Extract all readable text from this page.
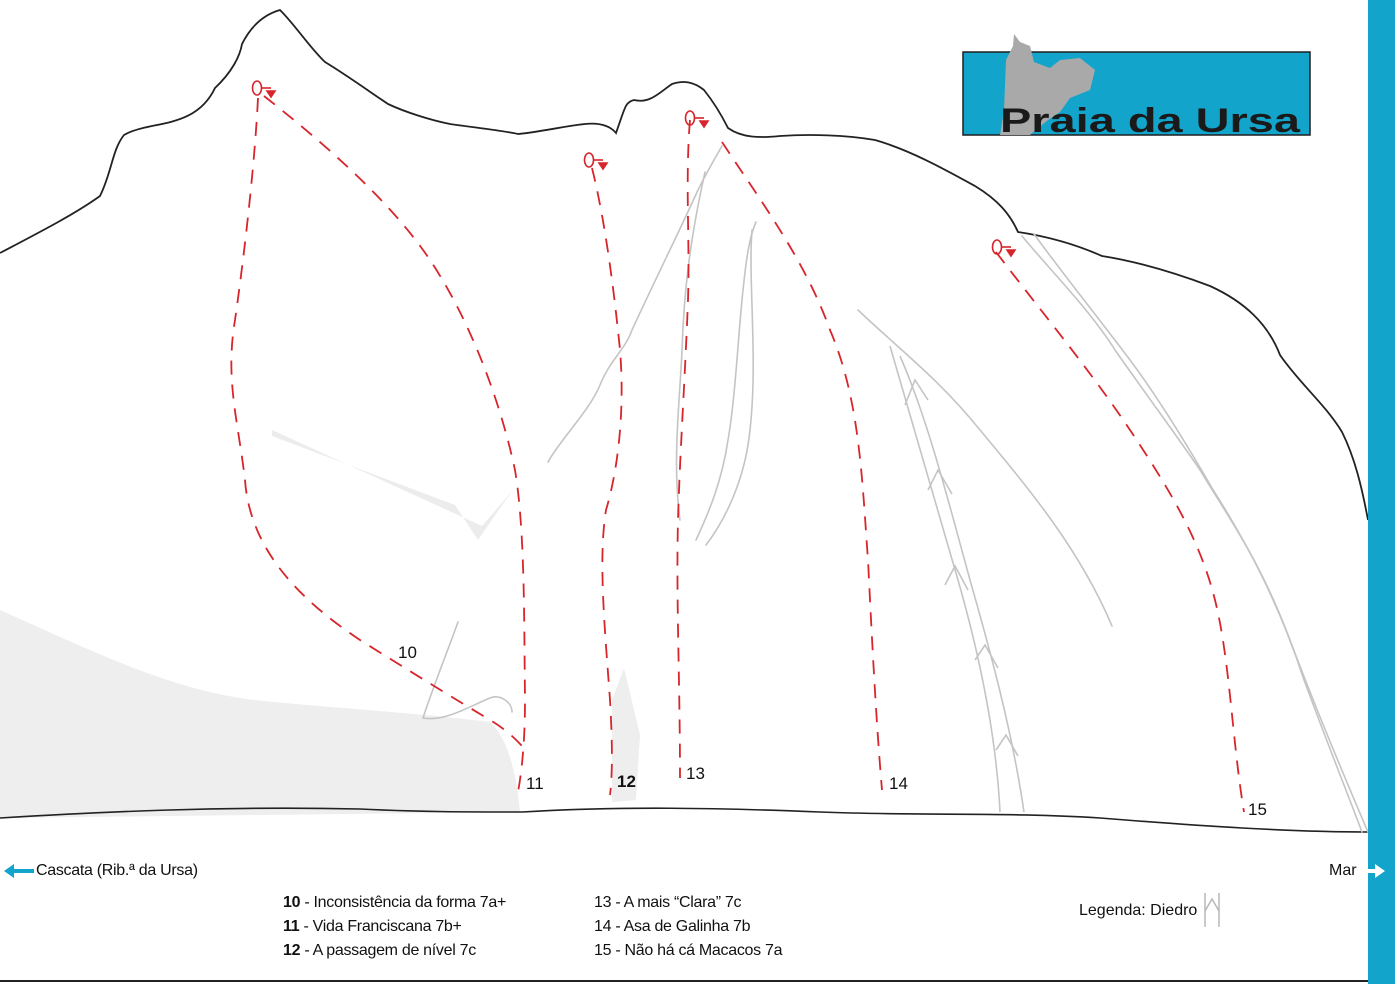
10
11	12	13
14
15
Praia da Ursa
Cascata (Rib.ª da Ursa)	Mar
10 - Inconsistência da forma 7a+
11 - Vida Franciscana 7b+
12 - A passagem de nível 7c
13 - A mais “Clara” 7c
14 - Asa de Galinha 7b
15 - Não há cá Macacos 7a
Legenda: Diedro
